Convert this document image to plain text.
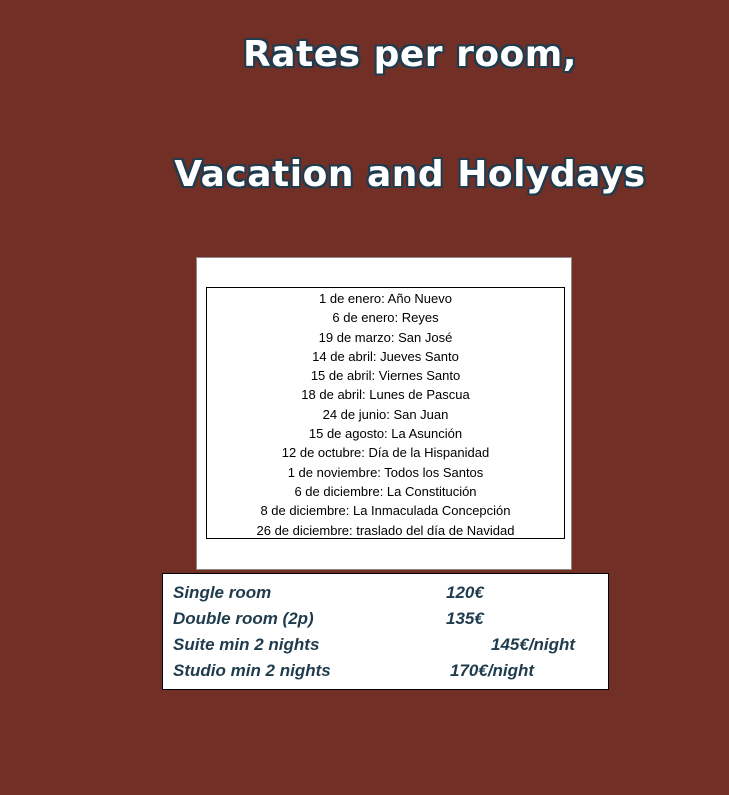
Rates per room,
Vacation and Holydays
1 de enero: Año Nuevo
6 de enero: Reyes
19 de marzo: San José
14 de abril: Jueves Santo
15 de abril: Viernes Santo
18 de abril: Lunes de Pascua
24 de junio: San Juan
15 de agosto: La Asunción
12 de octubre: Día de la Hispanidad
1 de noviembre: Todos los Santos
6 de diciembre: La Constitución
8 de diciembre: La Inmaculada Concepción
26 de diciembre: traslado del día de Navidad
Single room	120€
Double room (2p)	135€
Suite min 2 nights	145€/night
Studio min 2 nights	170€/night
